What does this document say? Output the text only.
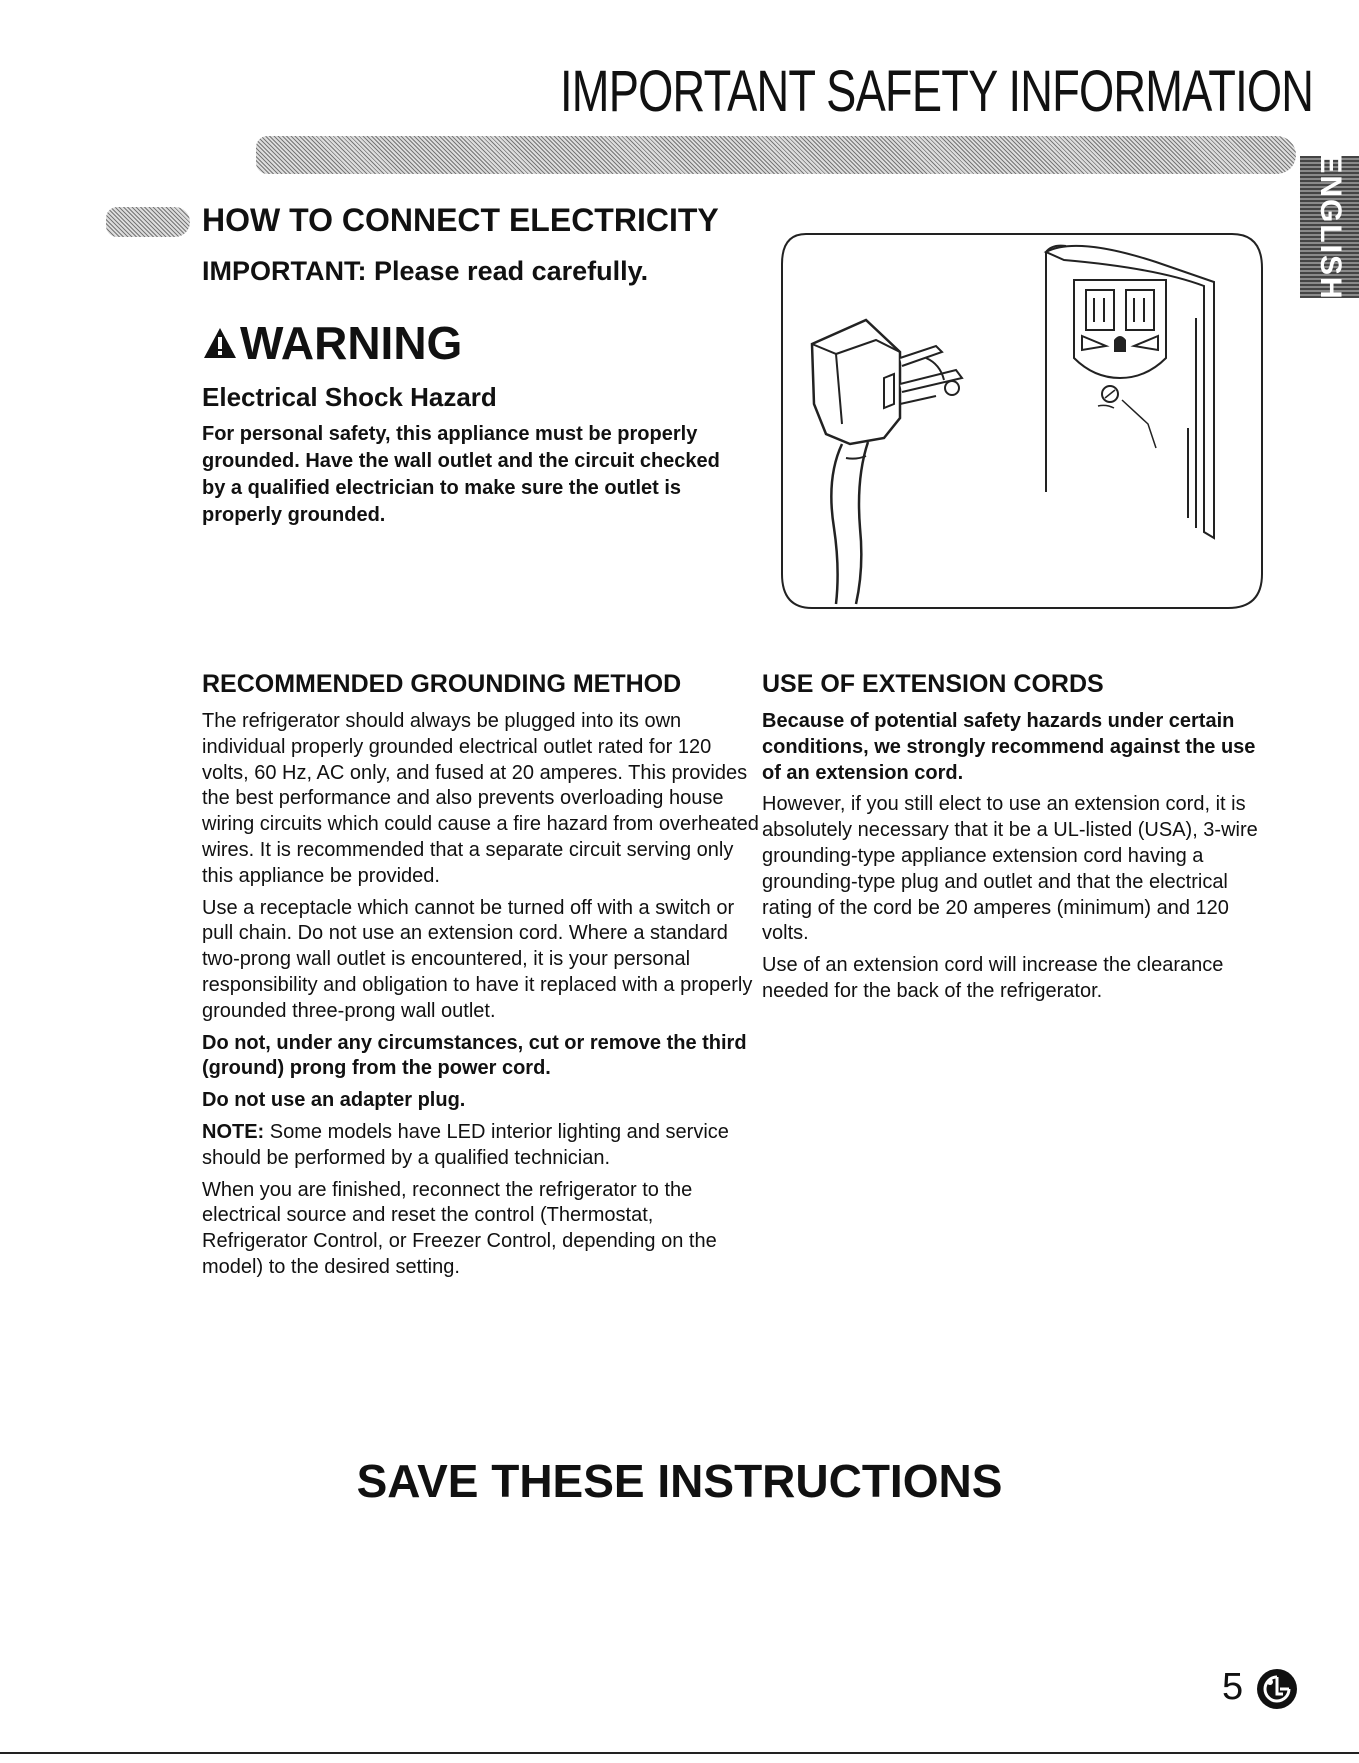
IMPORTANT SAFETY INFORMATION
ENGLISH
HOW TO CONNECT ELECTRICITY
IMPORTANT: Please read carefully.
WARNING
Electrical Shock Hazard
For personal safety, this appliance must be properly grounded. Have the wall outlet and the circuit checked by a qualified electrician to make sure the outlet is properly grounded.
RECOMMENDED GROUNDING METHOD

The refrigerator should always be plugged into its own individual properly grounded electrical outlet rated for 120 volts, 60 Hz, AC only, and fused at 20 amperes. This provides the best performance and also prevents overloading house wiring circuits which could cause a fire hazard from overheated wires. It is recommended that a separate circuit serving only this appliance be provided.

Use a receptacle which cannot be turned off with a switch or pull chain. Do not use an extension cord. Where a standard two-prong wall outlet is encountered, it is your personal responsibility and obligation to have it replaced with a properly grounded three-prong wall outlet.

Do not, under any circumstances, cut or remove the third (ground) prong from the power cord.

Do not use an adapter plug.

NOTE: Some models have LED interior lighting and service should be performed by a qualified technician.

When you are finished, reconnect the refrigerator to the electrical source and reset the control (Thermostat, Refrigerator Control, or Freezer Control, depending on the model) to the desired setting.

USE OF EXTENSION CORDS

Because of potential safety hazards under certain conditions, we strongly recommend against the use of an extension cord.

However, if you still elect to use an extension cord, it is absolutely necessary that it be a UL-listed (USA), 3-wire grounding-type appliance extension cord having a grounding-type plug and outlet and that the electrical rating of the cord be 20 amperes (minimum) and 120 volts.

Use of an extension cord will increase the clearance needed for the back of the refrigerator.

SAVE THESE INSTRUCTIONS
5
